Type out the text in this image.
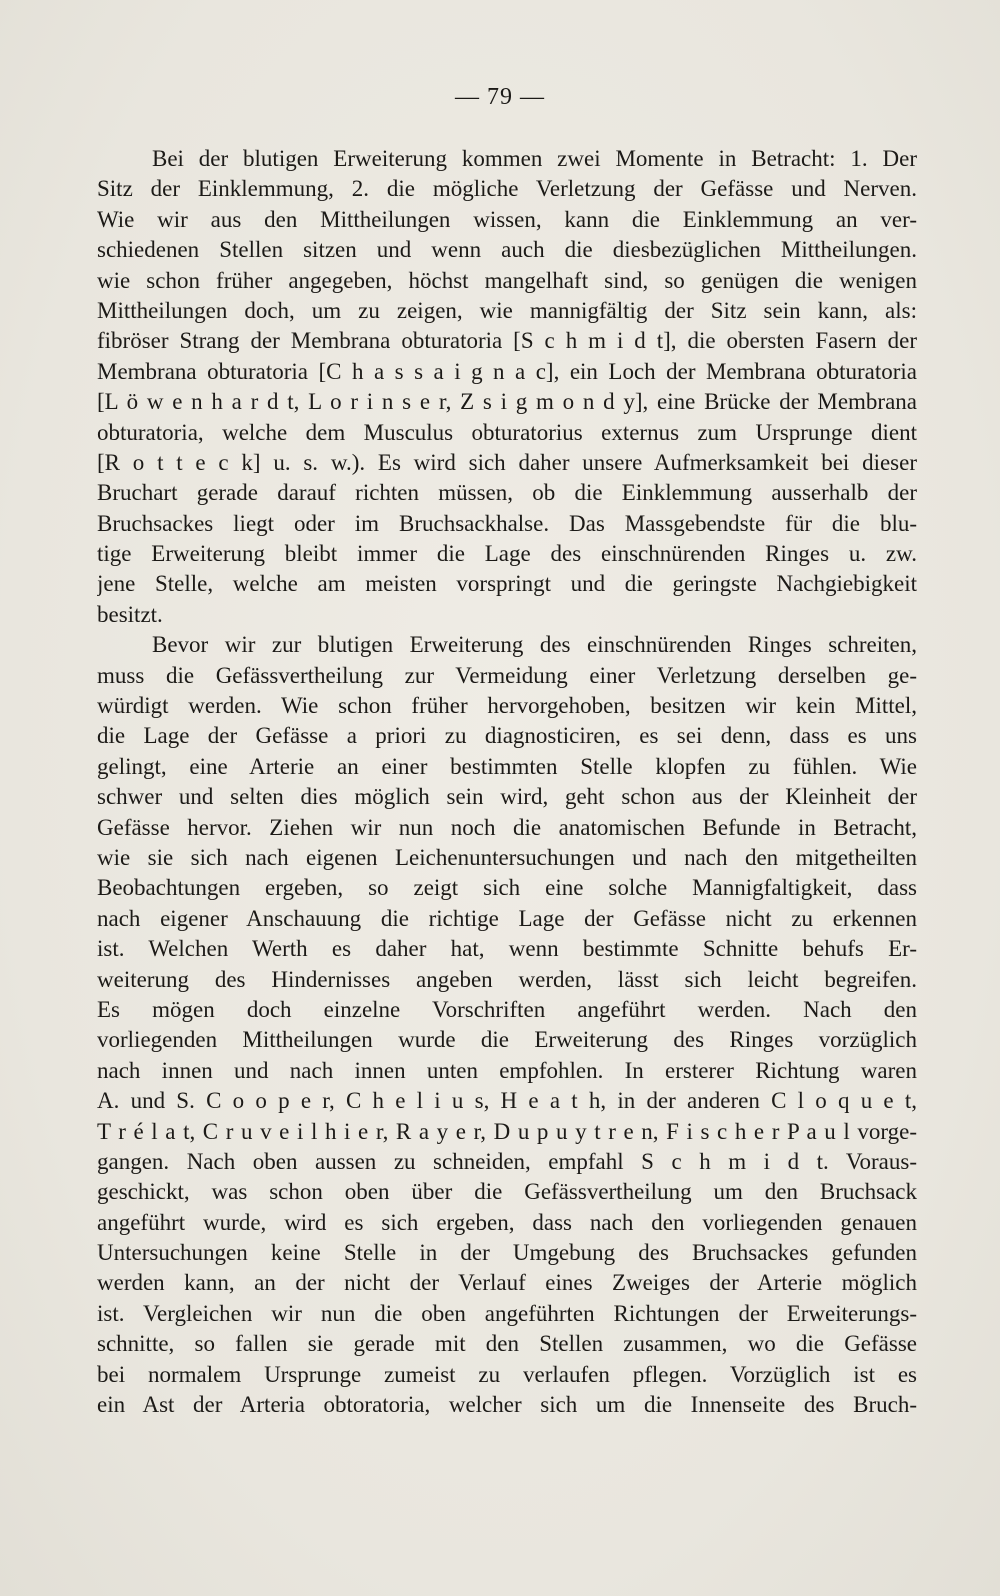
— 79 —
Bei der blutigen Erweiterung kommen zwei Momente in Betracht: 1. Der
Sitz der Einklemmung, 2. die mögliche Verletzung der Gefässe und Nerven.
Wie wir aus den Mittheilungen wissen, kann die Einklemmung an ver-
schiedenen Stellen sitzen und wenn auch die diesbezüglichen Mittheilungen.
wie schon früher angegeben, höchst mangelhaft sind, so genügen die wenigen
Mittheilungen doch, um zu zeigen, wie mannigfältig der Sitz sein kann, als:
fibröser Strang der Membrana obturatoria [S c h m i d t], die obersten Fasern der
Membrana obturatoria [C h a s s a i g n a c], ein Loch der Membrana obturatoria
[L ö w e n h a r d t, L o r i n s e r, Z s i g m o n d y], eine Brücke der Membrana
obturatoria, welche dem Musculus obturatorius externus zum Ursprunge dient
[R o t t e c k] u. s. w.). Es wird sich daher unsere Aufmerksamkeit bei dieser
Bruchart gerade darauf richten müssen, ob die Einklemmung ausserhalb der
Bruchsackes liegt oder im Bruchsackhalse. Das Massgebendste für die blu-
tige Erweiterung bleibt immer die Lage des einschnürenden Ringes u. zw.
jene Stelle, welche am meisten vorspringt und die geringste Nachgiebigkeit
besitzt.
Bevor wir zur blutigen Erweiterung des einschnürenden Ringes schreiten,
muss die Gefässvertheilung zur Vermeidung einer Verletzung derselben ge-
würdigt werden. Wie schon früher hervorgehoben, besitzen wir kein Mittel,
die Lage der Gefässe a priori zu diagnosticiren, es sei denn, dass es uns
gelingt, eine Arterie an einer bestimmten Stelle klopfen zu fühlen. Wie
schwer und selten dies möglich sein wird, geht schon aus der Kleinheit der
Gefässe hervor. Ziehen wir nun noch die anatomischen Befunde in Betracht,
wie sie sich nach eigenen Leichenuntersuchungen und nach den mitgetheilten
Beobachtungen ergeben, so zeigt sich eine solche Mannigfaltigkeit, dass
nach eigener Anschauung die richtige Lage der Gefässe nicht zu erkennen
ist. Welchen Werth es daher hat, wenn bestimmte Schnitte behufs Er-
weiterung des Hindernisses angeben werden, lässt sich leicht begreifen.
Es mögen doch einzelne Vorschriften angeführt werden. Nach den
vorliegenden Mittheilungen wurde die Erweiterung des Ringes vorzüglich
nach innen und nach innen unten empfohlen. In ersterer Richtung waren
A. und S. C o o p e r, C h e l i u s, H e a t h, in der anderen C l o q u e t,
T r é l a t, C r u v e i l h i e r, R a y e r, D u p u y t r e n, F i s c h e r P a u l vorge-
gangen. Nach oben aussen zu schneiden, empfahl S c h m i d t. Voraus-
geschickt, was schon oben über die Gefässvertheilung um den Bruchsack
angeführt wurde, wird es sich ergeben, dass nach den vorliegenden genauen
Untersuchungen keine Stelle in der Umgebung des Bruchsackes gefunden
werden kann, an der nicht der Verlauf eines Zweiges der Arterie möglich
ist. Vergleichen wir nun die oben angeführten Richtungen der Erweiterungs-
schnitte, so fallen sie gerade mit den Stellen zusammen, wo die Gefässe
bei normalem Ursprunge zumeist zu verlaufen pflegen. Vorzüglich ist es
ein Ast der Arteria obtoratoria, welcher sich um die Innenseite des Bruch-
